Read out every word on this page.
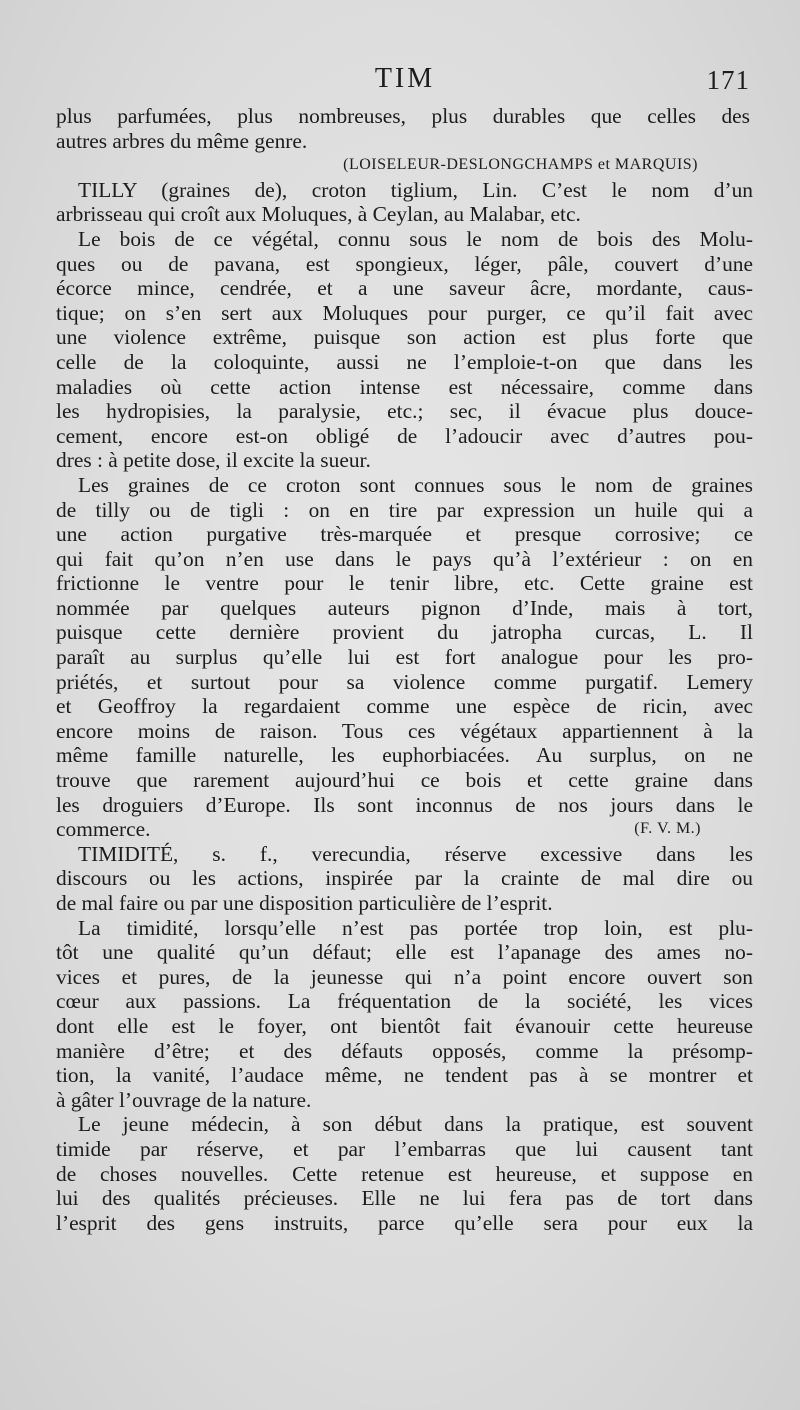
TIM	171
plus parfumées, plus nombreuses, plus durables que celles des
autres arbres du même genre.
(LOISELEUR-DESLONGCHAMPS et MARQUIS)
TILLY (graines de), croton tiglium, Lin. C’est le nom d’un
arbrisseau qui croît aux Moluques, à Ceylan, au Malabar, etc.
Le bois de ce végétal, connu sous le nom de bois des Molu-
ques ou de pavana, est spongieux, léger, pâle, couvert d’une
écorce mince, cendrée, et a une saveur âcre, mordante, caus-
tique; on s’en sert aux Moluques pour purger, ce qu’il fait avec
une violence extrême, puisque son action est plus forte que
celle de la coloquinte, aussi ne l’emploie-t-on que dans les
maladies où cette action intense est nécessaire, comme dans
les hydropisies, la paralysie, etc.; sec, il évacue plus douce-
cement, encore est-on obligé de l’adoucir avec d’autres pou-
dres : à petite dose, il excite la sueur.
Les graines de ce croton sont connues sous le nom de graines
de tilly ou de tigli : on en tire par expression un huile qui a
une action purgative très-marquée et presque corrosive; ce
qui fait qu’on n’en use dans le pays qu’à l’extérieur : on en
frictionne le ventre pour le tenir libre, etc. Cette graine est
nommée par quelques auteurs pignon d’Inde, mais à tort,
puisque cette dernière provient du jatropha curcas, L. Il
paraît au surplus qu’elle lui est fort analogue pour les pro-
priétés, et surtout pour sa violence comme purgatif. Lemery
et Geoffroy la regardaient comme une espèce de ricin, avec
encore moins de raison. Tous ces végétaux appartiennent à la
même famille naturelle, les euphorbiacées. Au surplus, on ne
trouve que rarement aujourd’hui ce bois et cette graine dans
les droguiers d’Europe. Ils sont inconnus de nos jours dans le
commerce.	(F. V. M.)
TIMIDITÉ, s. f., verecundia, réserve excessive dans les
discours ou les actions, inspirée par la crainte de mal dire ou
de mal faire ou par une disposition particulière de l’esprit.
La timidité, lorsqu’elle n’est pas portée trop loin, est plu-
tôt une qualité qu’un défaut; elle est l’apanage des ames no-
vices et pures, de la jeunesse qui n’a point encore ouvert son
cœur aux passions. La fréquentation de la société, les vices
dont elle est le foyer, ont bientôt fait évanouir cette heureuse
manière d’être; et des défauts opposés, comme la présomp-
tion, la vanité, l’audace même, ne tendent pas à se montrer et
à gâter l’ouvrage de la nature.
Le jeune médecin, à son début dans la pratique, est souvent
timide par réserve, et par l’embarras que lui causent tant
de choses nouvelles. Cette retenue est heureuse, et suppose en
lui des qualités précieuses. Elle ne lui fera pas de tort dans
l’esprit des gens instruits, parce qu’elle sera pour eux la
